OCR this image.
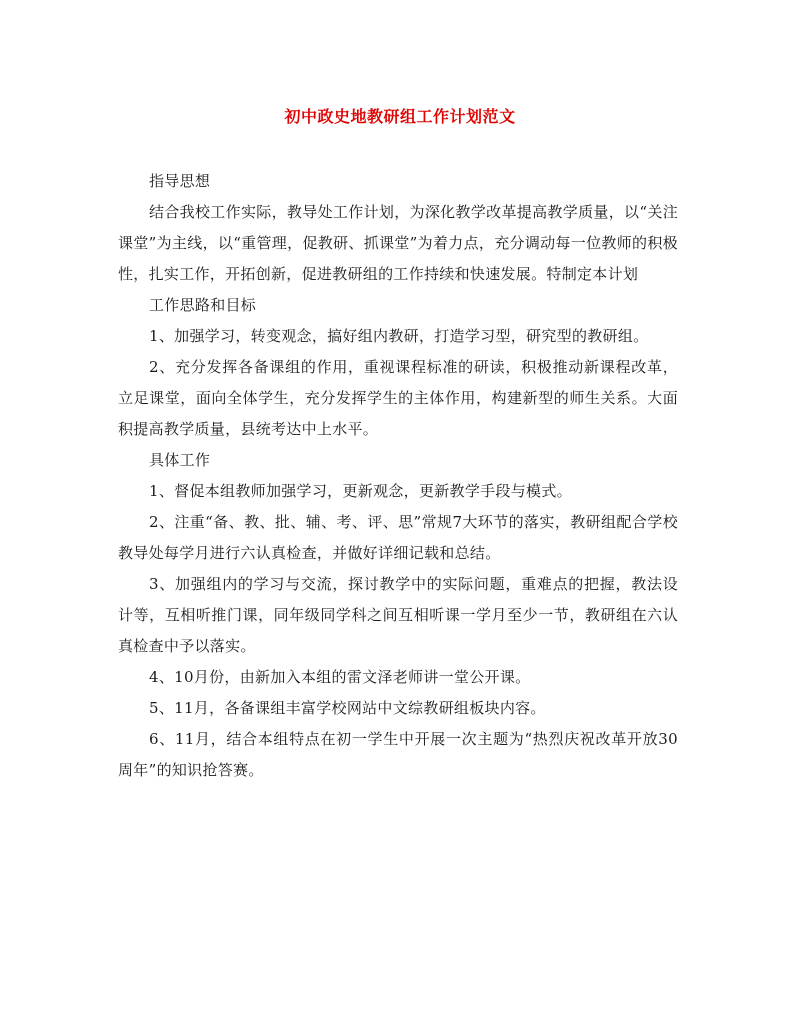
初中政史地教研组工作计划范文

指导思想

结合我校工作实际，教导处工作计划，为深化教学改革提高教学质量，以“关注课堂”为主线，以“重管理，促教研、抓课堂”为着力点，充分调动每一位教师的积极性，扎实工作，开拓创新，促进教研组的工作持续和快速发展。特制定本计划

工作思路和目标

1、加强学习，转变观念，搞好组内教研，打造学习型，研究型的教研组。

2、充分发挥各备课组的作用，重视课程标准的研读，积极推动新课程改革，立足课堂，面向全体学生，充分发挥学生的主体作用，构建新型的师生关系。大面积提高教学质量，县统考达中上水平。

具体工作

1、督促本组教师加强学习，更新观念，更新教学手段与模式。

2、注重“备、教、批、辅、考、评、思”常规7大环节的落实，教研组配合学校教导处每学月进行六认真检查，并做好详细记载和总结。

3、加强组内的学习与交流，探讨教学中的实际问题，重难点的把握，教法设计等，互相听推门课，同年级同学科之间互相听课一学月至少一节，教研组在六认真检查中予以落实。

4、10月份，由新加入本组的雷文泽老师讲一堂公开课。

5、11月，各备课组丰富学校网站中文综教研组板块内容。

6、11月，结合本组特点在初一学生中开展一次主题为“热烈庆祝改革开放30周年”的知识抢答赛。
